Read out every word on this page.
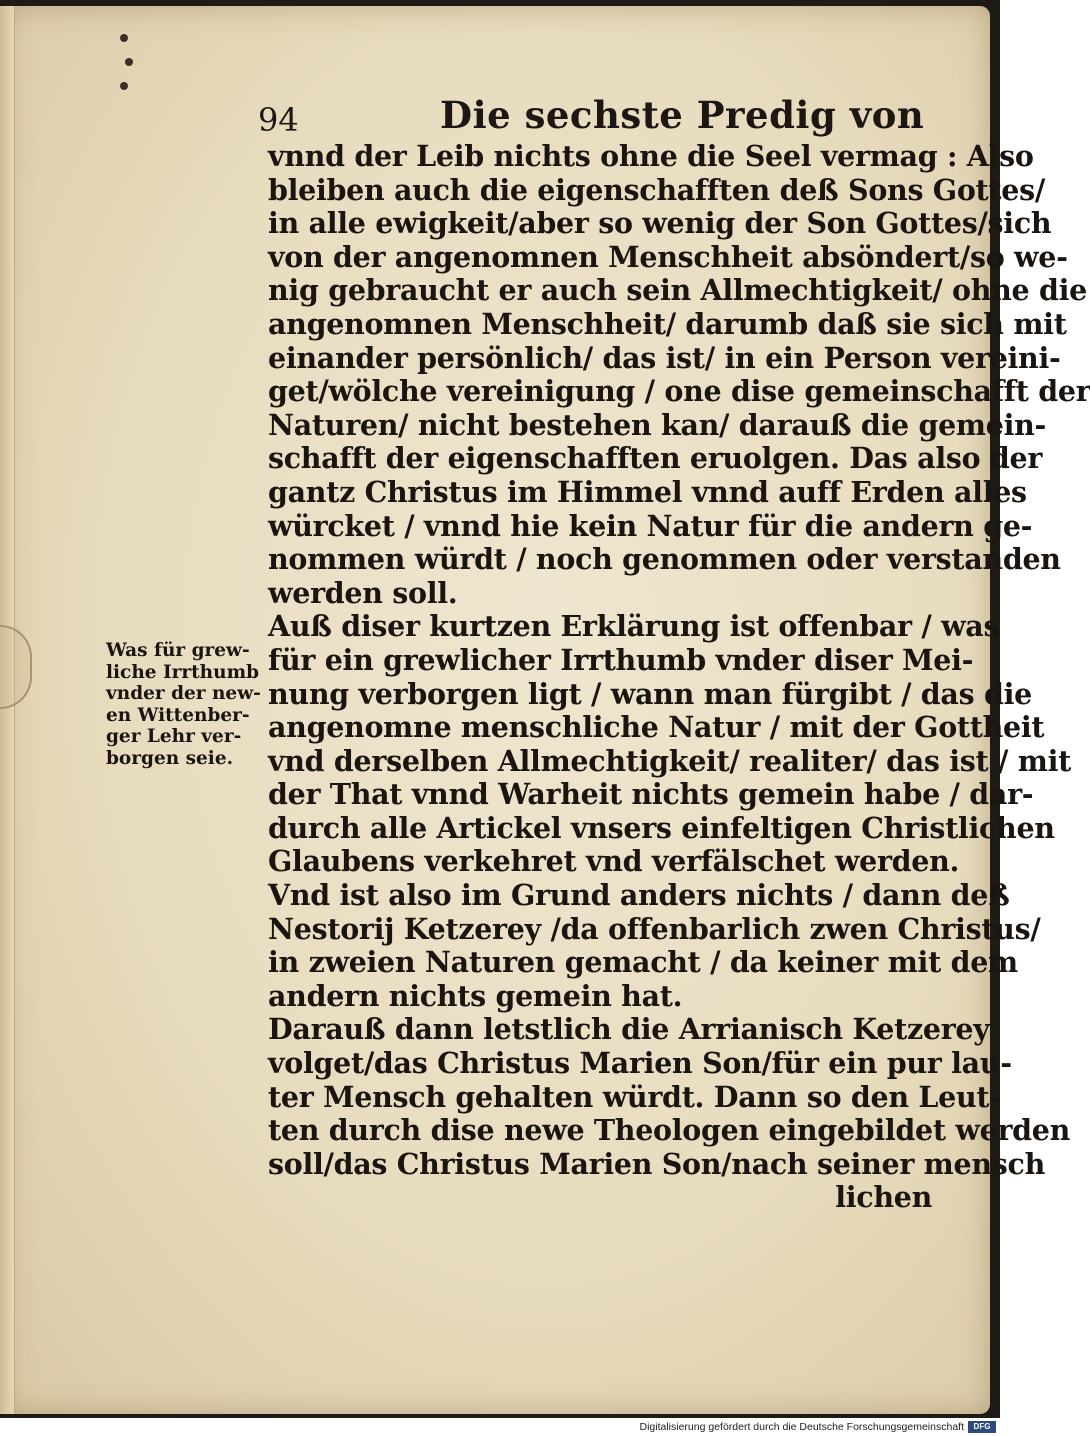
94	Die sechste Predig von
vnnd der Leib nichts ohne die Seel vermag : Also
bleiben auch die eigenschafften deß Sons Gottes/
in alle ewigkeit/aber so wenig der Son Gottes/sich
von der angenomnen Menschheit absöndert/so we-
nig gebraucht er auch sein Allmechtigkeit/ ohne die
angenomnen Menschheit/ darumb daß sie sich mit
einander persönlich/ das ist/ in ein Person vereini-
get/wölche vereinigung / one dise gemeinschafft der
Naturen/ nicht bestehen kan/ darauß die gemein-
schafft der eigenschafften eruolgen. Das also der
gantz Christus im Himmel vnnd auff Erden alles
würcket / vnnd hie kein Natur für die andern ge-
nommen würdt / noch genommen oder verstanden
werden soll.
Auß diser kurtzen Erklärung ist offenbar / was
für ein grewlicher Irrthumb vnder diser Mei-
nung verborgen ligt / wann man fürgibt / das die
angenomne menschliche Natur / mit der Gottheit
vnd derselben Allmechtigkeit/ realiter/ das ist / mit
der That vnnd Warheit nichts gemein habe / dar-
durch alle Artickel vnsers einfeltigen Christlichen
Glaubens verkehret vnd verfälschet werden.
Vnd ist also im Grund anders nichts / dann deß
Nestorij Ketzerey /da offenbarlich zwen Christus/
in zweien Naturen gemacht / da keiner mit dem
andern nichts gemein hat.
Darauß dann letstlich die Arrianisch Ketzerey
volget/das Christus Marien Son/für ein pur lau-
ter Mensch gehalten würdt. Dann so den Leut-
ten durch dise newe Theologen eingebildet werden
soll/das Christus Marien Son/nach seiner mensch
lichen
Was für grew-
liche Irrthumb
vnder der new-
en Wittenber-
ger Lehr ver-
borgen seie.
Digitalisierung gefördert durch die Deutsche Forschungsgemeinschaft	DFG
